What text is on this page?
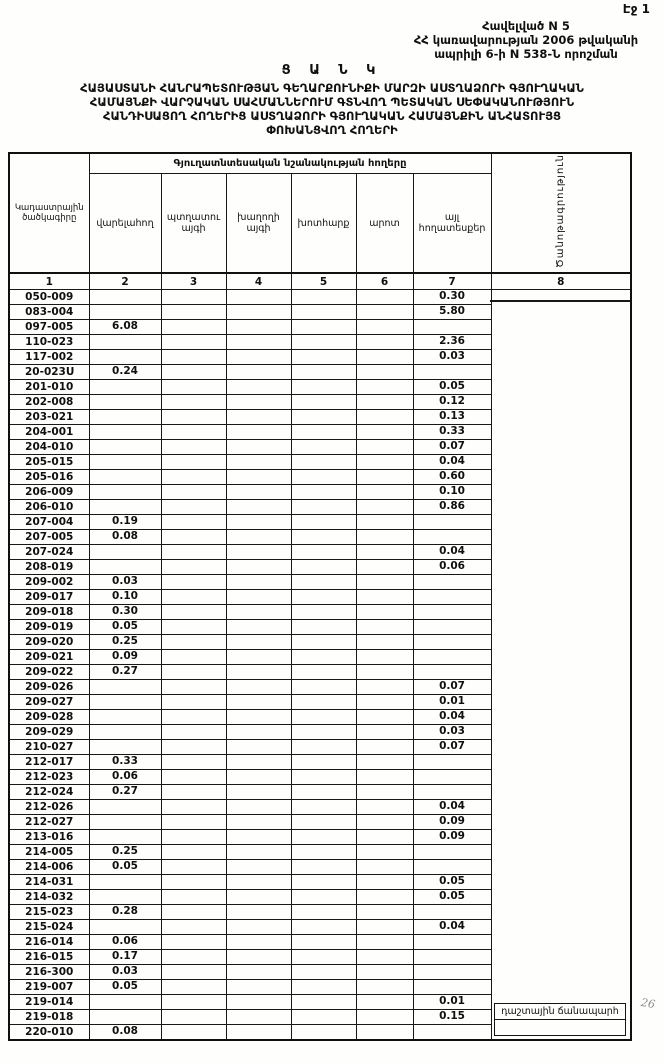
Էջ 1
Հավելված N 5
ՀՀ կառավարության 2006 թվականի
ապրիլի 6-ի N 538-Ն որոշման
Ց Ա Ն Կ
ՀԱՅԱՍՏԱՆԻ ՀԱՆՐԱՊԵՏՈՒԹՅԱՆ ԳԵՂԱՐՔՈՒՆԻՔԻ ՄԱՐԶԻ ԱՍՏՂԱՁՈՐԻ ԳՅՈՒՂԱԿԱՆ
ՀԱՄԱՅՆՔԻ ՎԱՐՉԱԿԱՆ ՍԱՀՄԱՆՆԵՐՈՒՄ ԳՏՆՎՈՂ ՊԵՏԱԿԱՆ ՍԵՓԱԿԱՆՈՒԹՅՈՒՆ
ՀԱՆԴԻՍԱՑՈՂ ՀՈՂԵՐԻՑ ԱՍՏՂԱՁՈՐԻ ԳՅՈՒՂԱԿԱՆ ՀԱՄԱՅՆՔԻՆ ԱՆՀԱՏՈՒՅՑ
ՓՈԽԱՆՑՎՈՂ ՀՈՂԵՐԻ
Կադաստրային ծածկագիրը	Գյուղատնտեսական նշանակության հողերը						Ծանոթագրություն
	վարելահող	պտղատու այգի	խաղողի այգի	խոտհարք	արոտ	այլ հողատեսքեր	
1	2	3	4	5	6	7	8
050-009						0.30	
083-004						5.80	
097-005	6.08						
110-023						2.36	
117-002						0.03	
20-023Ս	0.24						
201-010						0.05	
202-008						0.12	
203-021						0.13	
204-001						0.33	
204-010						0.07	
205-015						0.04	
205-016						0.60	
206-009						0.10	
206-010						0.86	
207-004	0.19						
207-005	0.08						
207-024						0.04	
208-019						0.06	
209-002	0.03						
209-017	0.10						
209-018	0.30						
209-019	0.05						
209-020	0.25						
209-021	0.09						
209-022	0.27						
209-026						0.07	
209-027						0.01	
209-028						0.04	
209-029						0.03	
210-027						0.07	
212-017	0.33						
212-023	0.06						
212-024	0.27						
212-026						0.04	
212-027						0.09	
213-016						0.09	
214-005	0.25						
214-006	0.05						
214-031						0.05	
214-032						0.05	
215-023	0.28						
215-024						0.04	
216-014	0.06						
216-015	0.17						
216-300	0.03						
219-007	0.05						
219-014						0.01	
219-018						0.15	
220-010	0.08						
դաշտային ճանապարհ
26
